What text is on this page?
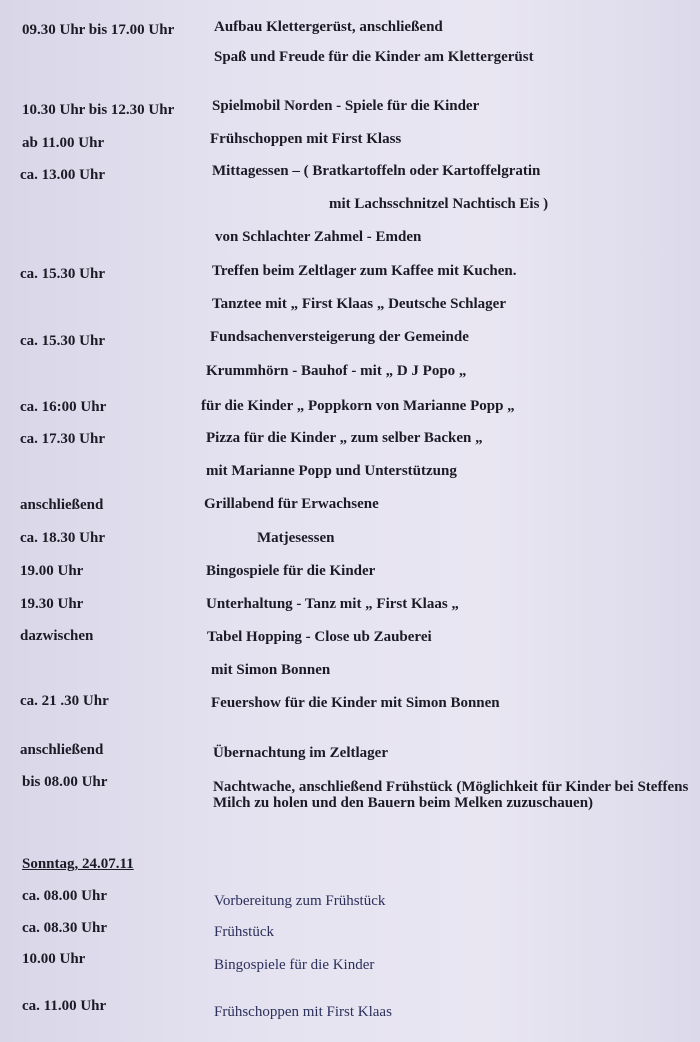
09.30 Uhr bis 17.00 Uhr	Aufbau Klettergerüst, anschließend
Spaß und Freude für die Kinder am Klettergerüst
10.30 Uhr bis 12.30 Uhr	Spielmobil Norden - Spiele für die Kinder
ab 11.00 Uhr	Frühschoppen mit First Klass
ca. 13.00 Uhr	Mittagessen – ( Bratkartoffeln oder Kartoffelgratin
mit Lachsschnitzel Nachtisch Eis )
von Schlachter Zahmel - Emden
ca. 15.30 Uhr	Treffen beim Zeltlager zum Kaffee mit Kuchen.
Tanztee mit „ First Klaas „ Deutsche Schlager
ca. 15.30 Uhr	Fundsachenversteigerung der Gemeinde
Krummhörn - Bauhof - mit „ D J Popo „
ca. 16:00 Uhr	für die Kinder „ Poppkorn von Marianne Popp „
ca. 17.30 Uhr	Pizza für die Kinder „ zum selber Backen „
mit Marianne Popp und Unterstützung
anschließend	Grillabend für Erwachsene
ca. 18.30 Uhr	Matjesessen
19.00 Uhr	Bingospiele für die Kinder
19.30 Uhr	Unterhaltung - Tanz mit „ First Klaas „
dazwischen	Tabel Hopping - Close ub Zauberei
mit Simon Bonnen
ca. 21 .30 Uhr	Feuershow für die Kinder mit Simon Bonnen
anschließend	Übernachtung im Zeltlager
bis 08.00 Uhr	Nachtwache, anschließend Frühstück (Möglichkeit für Kinder bei Steffens Milch zu holen und den Bauern beim Melken zuzuschauen)
Sonntag, 24.07.11
ca. 08.00 Uhr	Vorbereitung zum Frühstück
ca. 08.30 Uhr	Frühstück
10.00 Uhr	Bingospiele für die Kinder
ca. 11.00 Uhr	Frühschoppen mit First Klaas
